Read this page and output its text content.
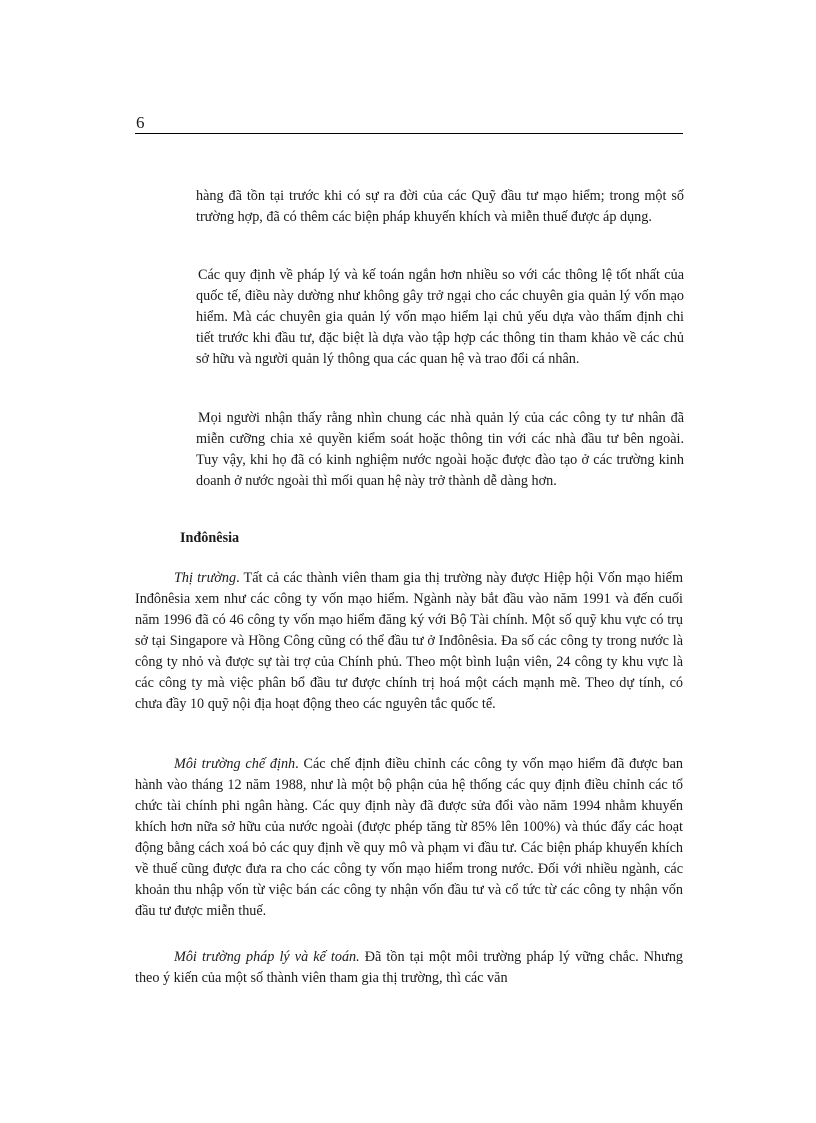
6

hàng đã tồn tại trước khi có sự ra đời của các Quỹ đầu tư mạo hiểm; trong một số trường hợp, đã có thêm các biện pháp khuyến khích và miễn thuế được áp dụng.

Các quy định về pháp lý và kế toán ngắn hơn nhiều so với các thông lệ tốt nhất của quốc tế, điều này dường như không gây trở ngại cho các chuyên gia quản lý vốn mạo hiểm. Mà các chuyên gia quản lý vốn mạo hiểm lại chủ yếu dựa vào thẩm định chi tiết trước khi đầu tư, đặc biệt là dựa vào tập hợp các thông tin tham khảo về các chủ sở hữu và người quản lý thông qua các quan hệ và trao đổi cá nhân.

Mọi người nhận thấy rằng nhìn chung các nhà quản lý của các công ty tư nhân đã miễn cưỡng chia xẻ quyền kiểm soát hoặc thông tin với các nhà đầu tư bên ngoài. Tuy vậy, khi họ đã có kinh nghiệm nước ngoài hoặc được đào tạo ở các trường kinh doanh ở nước ngoài thì mối quan hệ này trở thành dễ dàng hơn.

Inđônêsia
Thị trường. Tất cả các thành viên tham gia thị trường này được Hiệp hội Vốn mạo hiểm Inđônêsia xem như các công ty vốn mạo hiểm. Ngành này bắt đầu vào năm 1991 và đến cuối năm 1996 đã có 46 công ty vốn mạo hiểm đăng ký với Bộ Tài chính. Một số quỹ khu vực có trụ sở tại Singapore và Hồng Công cũng có thể đầu tư ở Inđônêsia. Đa số các công ty trong nước là công ty nhỏ và được sự tài trợ của Chính phủ. Theo một bình luận viên, 24 công ty khu vực là các công ty mà việc phân bổ đầu tư được chính trị hoá một cách mạnh mẽ. Theo dự tính, có chưa đầy 10 quỹ nội địa hoạt động theo các nguyên tắc quốc tế.
Môi trường chế định. Các chế định điều chỉnh các công ty vốn mạo hiểm đã được ban hành vào tháng 12 năm 1988, như là một bộ phận của hệ thống các quy định điều chỉnh các tổ chức tài chính phi ngân hàng. Các quy định này đã được sửa đổi vào năm 1994 nhằm khuyến khích hơn nữa sở hữu của nước ngoài (được phép tăng từ 85% lên 100%) và thúc đẩy các hoạt động bằng cách xoá bỏ các quy định về quy mô và phạm vi đầu tư. Các biện pháp khuyến khích về thuế cũng được đưa ra cho các công ty vốn mạo hiểm trong nước. Đối với nhiều ngành, các khoản thu nhập vốn từ việc bán các công ty nhận vốn đầu tư và cổ tức từ các công ty nhận vốn đầu tư được miễn thuế.
Môi trường pháp lý và kế toán. Đã tồn tại một môi trường pháp lý vững chắc. Nhưng theo ý kiến của một số thành viên tham gia thị trường, thì các văn
